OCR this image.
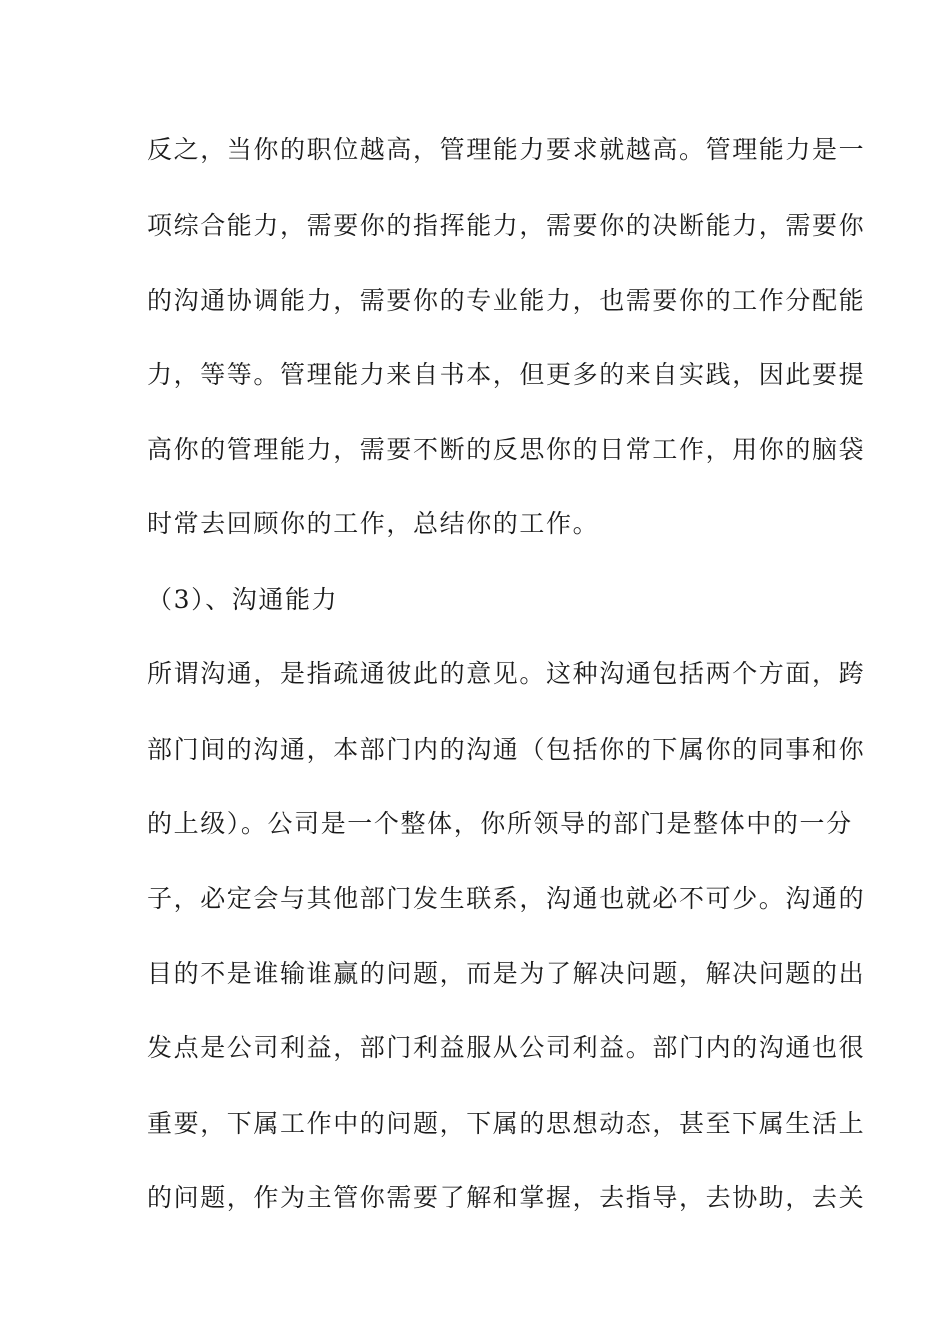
反之，当你的职位越高，管理能力要求就越高。管理能力是一
项综合能力，需要你的指挥能力，需要你的决断能力，需要你
的沟通协调能力，需要你的专业能力，也需要你的工作分配能
力，等等。管理能力来自书本，但更多的来自实践，因此要提
高你的管理能力，需要不断的反思你的日常工作，用你的脑袋
时常去回顾你的工作，总结你的工作。
（3）、沟通能力
所谓沟通，是指疏通彼此的意见。这种沟通包括两个方面，跨
部门间的沟通，本部门内的沟通（包括你的下属你的同事和你
的上级）。公司是一个整体，你所领导的部门是整体中的一分
子，必定会与其他部门发生联系，沟通也就必不可少。沟通的
目的不是谁输谁赢的问题，而是为了解决问题，解决问题的出
发点是公司利益，部门利益服从公司利益。部门内的沟通也很
重要，下属工作中的问题，下属的思想动态，甚至下属生活上
的问题，作为主管你需要了解和掌握，去指导，去协助，去关
